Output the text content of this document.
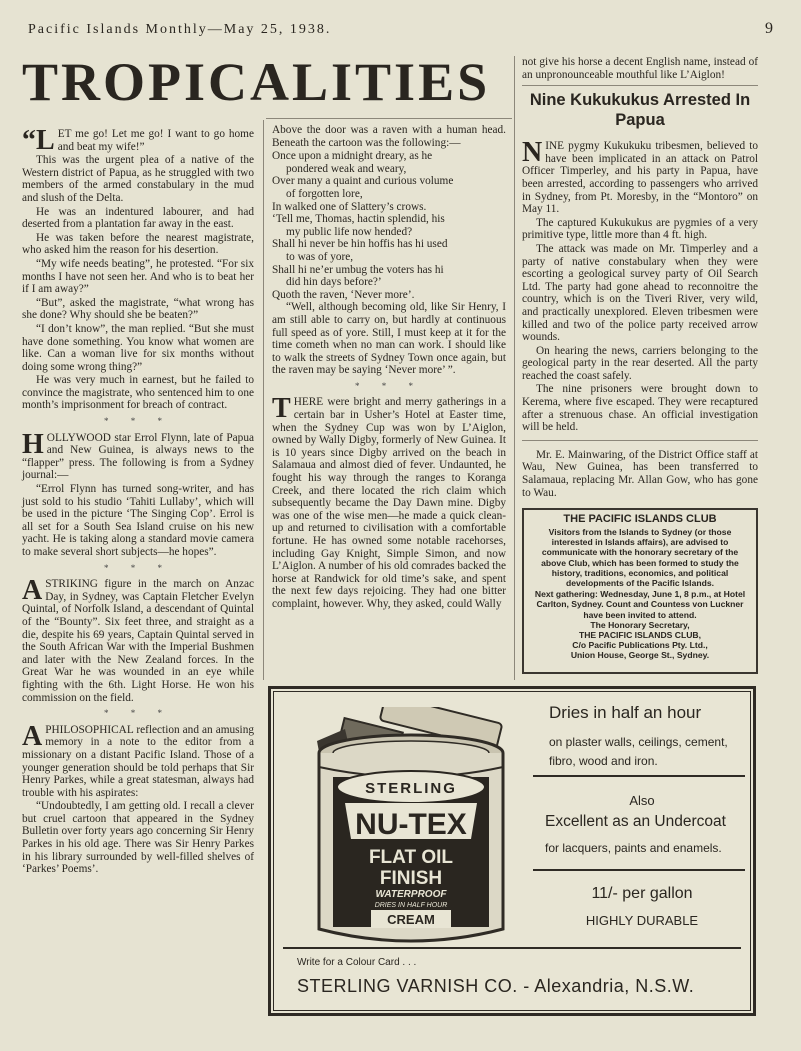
Pacific Islands Monthly—May 25, 1938.	9
TROPICALITIES

“LET me go! Let me go! I want to go home and beat my wife!”

This was the urgent plea of a native of the Western district of Papua, as he struggled with two members of the armed constabulary in the mud and slush of the Delta.

He was an indentured labourer, and had deserted from a plantation far away in the east.

He was taken before the nearest magistrate, who asked him the reason for his desertion.

“My wife needs beating”, he protested. “For six months I have not seen her. And who is to beat her if I am away?”

“But”, asked the magistrate, “what wrong has she done? Why should she be beaten?”

“I don’t know”, the man replied. “But she must have done something. You know what women are like. Can a woman live for six months without doing some wrong thing?”

He was very much in earnest, but he failed to convince the magistrate, who sentenced him to one month’s imprisonment for breach of contract.

* * *

HOLLYWOOD star Errol Flynn, late of Papua and New Guinea, is always news to the “flapper” press. The following is from a Sydney journal:—

“Errol Flynn has turned song-writer, and has just sold to his studio ‘Tahiti Lullaby’, which will be used in the picture ‘The Singing Cop’. Errol is all set for a South Sea Island cruise on his new yacht. He is taking along a standard movie camera to make several short subjects—he hopes”.

* * *

A STRIKING figure in the march on Anzac Day, in Sydney, was Captain Fletcher Evelyn Quintal, of Norfolk Island, a descendant of Quintal of the “Bounty”. Six feet three, and straight as a die, despite his 69 years, Captain Quintal served in the South African War with the Imperial Bushmen and later with the New Zealand forces. In the Great War he was wounded in an eye while fighting with the 6th. Light Horse. He won his commission on the field.

* * *

A PHILOSOPHICAL reflection and an amusing memory in a note to the editor from a missionary on a distant Pacific Island. Those of a younger generation should be told perhaps that Sir Henry Parkes, while a great statesman, always had trouble with his aspirates:

“Undoubtedly, I am getting old. I recall a clever but cruel cartoon that appeared in the Sydney Bulletin over forty years ago concerning Sir Henry Parkes in his old age. There was Sir Henry Parkes in his library surrounded by well-filled shelves of ‘Parkes’ Poems’.

Above the door was a raven with a human head. Beneath the cartoon was the following:—

Once upon a midnight dreary, as he
pondered weak and weary,
Over many a quaint and curious volume
of forgotten lore,
In walked one of Slattery’s crows.
‘Tell me, Thomas, hactin splendid, his
my public life now hended?
Shall hi never be hin hoffis has hi used
to was of yore,
Shall hi ne’er umbug the voters has hi
did hin days before?’
Quoth the raven, ‘Never more’.

“Well, although becoming old, like Sir Henry, I am still able to carry on, but hardly at continuous full speed as of yore. Still, I must keep at it for the time cometh when no man can work. I should like to walk the streets of Sydney Town once again, but the raven may be saying ‘Never more’ ”.

* * *

THERE were bright and merry gatherings in a certain bar in Usher’s Hotel at Easter time, when the Sydney Cup was won by L’Aiglon, owned by Wally Digby, formerly of New Guinea. It is 10 years since Digby arrived on the beach in Salamaua and almost died of fever. Undaunted, he fought his way through the ranges to Koranga Creek, and there located the rich claim which subsequently became the Day Dawn mine. Digby was one of the wise men—he made a quick clean-up and returned to civilisation with a comfortable fortune. He has owned some notable racehorses, including Gay Knight, Simple Simon, and now L’Aiglon. A number of his old comrades backed the horse at Randwick for old time’s sake, and spent the next few days rejoicing. They had one bitter complaint, however. Why, they asked, could Wally

not give his horse a decent English name, instead of an unpronounceable mouthful like L’Aiglon!

Nine Kukukukus Arrested In Papua

NINE pygmy Kukukuku tribesmen, believed to have been implicated in an attack on Patrol Officer Timperley, and his party in Papua, have been arrested, according to passengers who arrived in Sydney, from Pt. Moresby, in the “Montoro” on May 11.

The captured Kukukukus are pygmies of a very primitive type, little more than 4 ft. high.

The attack was made on Mr. Timperley and a party of native constabulary when they were escorting a geological survey party of Oil Search Ltd. The party had gone ahead to reconnoitre the country, which is on the Tiveri River, very wild, and practically unexplored. Eleven tribesmen were killed and two of the police party received arrow wounds.

On hearing the news, carriers belonging to the geological party in the rear deserted. All the party reached the coast safely.

The nine prisoners were brought down to Kerema, where five escaped. They were recaptured after a strenuous chase. An official investigation will be held.

Mr. E. Mainwaring, of the District Office staff at Wau, New Guinea, has been transferred to Salamaua, replacing Mr. Allan Gow, who has gone to Wau.

THE PACIFIC ISLANDS CLUB
Visitors from the Islands to Sydney (or those interested in Islands affairs), are advised to communicate with the honorary secretary of the above Club, which has been formed to study the history, traditions, economics, and political developments of the Pacific Islands.
Next gathering: Wednesday, June 1, 8 p.m., at Hotel Carlton, Sydney. Count and Countess von Luckner have been invited to attend.
The Honorary Secretary,
THE PACIFIC ISLANDS CLUB,
C/o Pacific Publications Pty. Ltd.,
Union House, George St., Sydney.
STERLING
NU-TEX
FLAT OIL
FINISH
WATERPROOF
DRIES IN HALF HOUR
CREAM
Dries in half an hour
on plaster walls, ceilings, cement, fibro, wood and iron.
Also
Excellent as an Undercoat
for lacquers, paints and enamels.
11/- per gallon
HIGHLY DURABLE
Write for a Colour Card . . .
STERLING VARNISH CO. - Alexandria, N.S.W.
